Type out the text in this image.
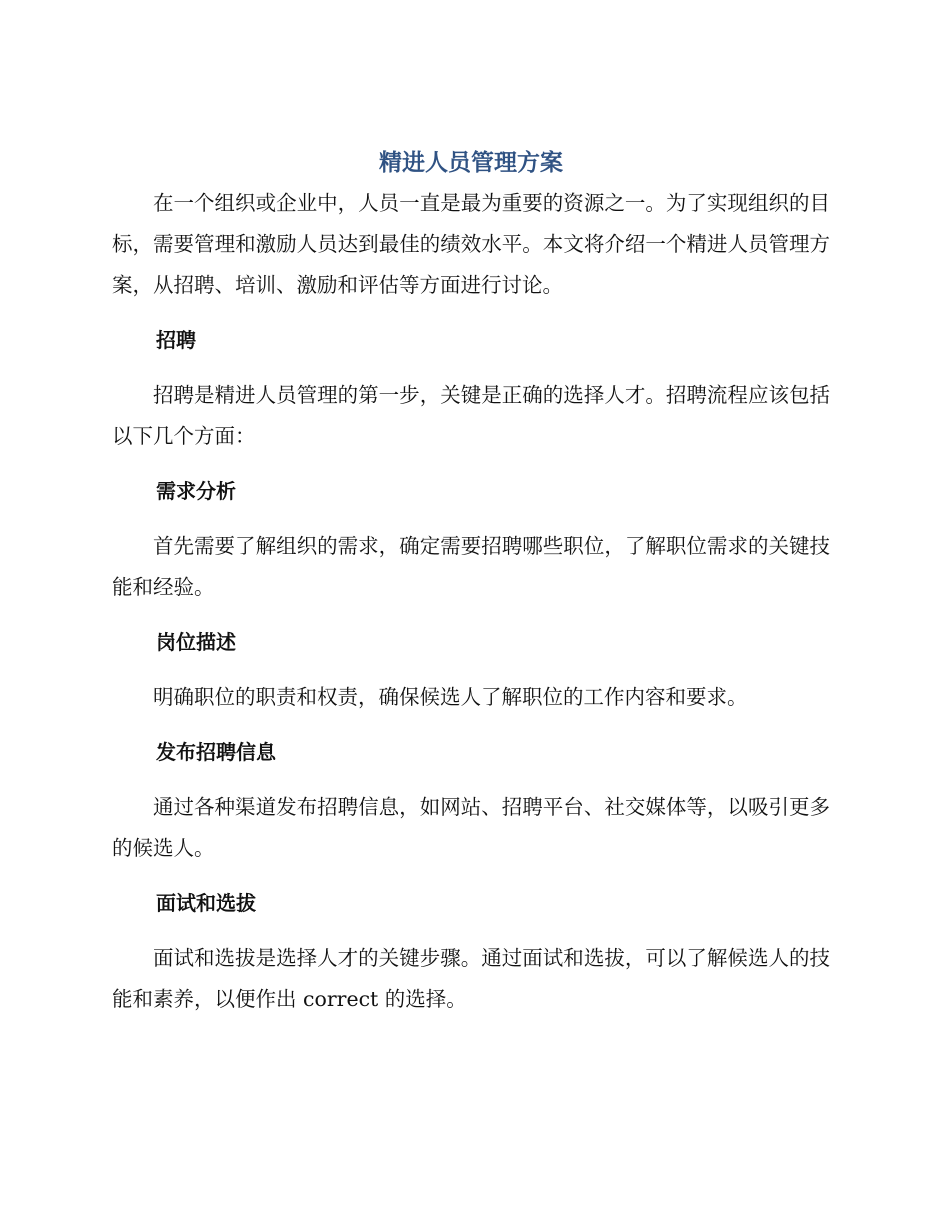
精进人员管理方案

在一个组织或企业中，人员一直是最为重要的资源之一。为了实现组织的目标，需要管理和激励人员达到最佳的绩效水平。本文将介绍一个精进人员管理方案，从招聘、培训、激励和评估等方面进行讨论。

招聘

招聘是精进人员管理的第一步，关键是正确的选择人才。招聘流程应该包括以下几个方面：

需求分析

首先需要了解组织的需求，确定需要招聘哪些职位，了解职位需求的关键技能和经验。

岗位描述

明确职位的职责和权责，确保候选人了解职位的工作内容和要求。

发布招聘信息

通过各种渠道发布招聘信息，如网站、招聘平台、社交媒体等，以吸引更多的候选人。

面试和选拔

面试和选拔是选择人才的关键步骤。通过面试和选拔，可以了解候选人的技能和素养，以便作出 correct 的选择。
